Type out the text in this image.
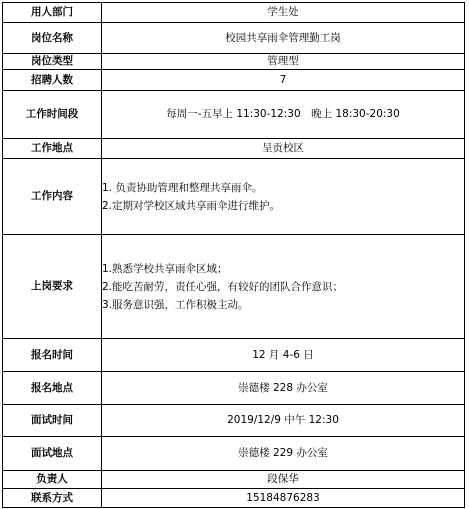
用人部门	学生处
岗位名称	校园共享雨伞管理勤工岗
岗位类型	管理型
招聘人数	7
工作时间段	每周一-五早上 11:30-12:30　晚上 18:30-20:30
工作地点	呈贡校区
工作内容	1. 负责协助管理和整理共享雨伞。
2.定期对学校区域共享雨伞进行维护。

上岗要求	1.熟悉学校共享雨伞区域；
2.能吃苦耐劳，责任心强，有较好的团队合作意识；
3.服务意识强，工作积极主动。

报名时间	12 月 4-6 日
报名地点	崇德楼 228 办公室
面试时间	2019/12/9 中午 12:30
面试地点	崇德楼 229 办公室
负责人	段保华
联系方式	15184876283
